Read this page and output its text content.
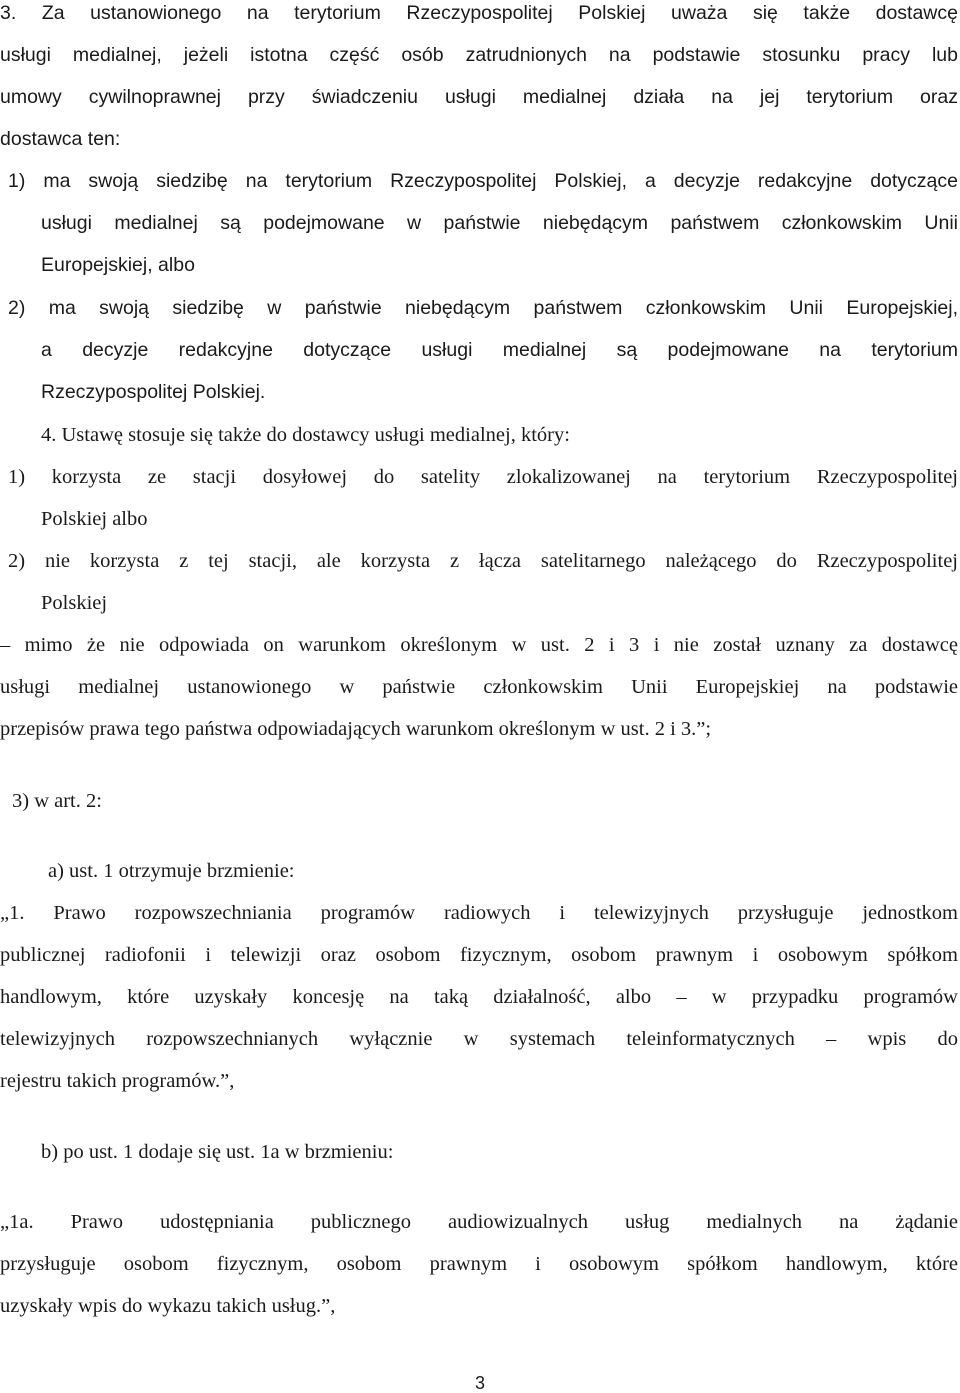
3. Za ustanowionego na terytorium Rzeczypospolitej Polskiej uważa się także dostawcę
usługi medialnej, jeżeli istotna część osób zatrudnionych na podstawie stosunku pracy lub
umowy cywilnoprawnej przy świadczeniu usługi medialnej działa na jej terytorium oraz
dostawca ten:
1) ma swoją siedzibę na terytorium Rzeczypospolitej Polskiej, a decyzje redakcyjne dotyczące
usługi medialnej są podejmowane w państwie niebędącym państwem członkowskim Unii
Europejskiej, albo
2) ma swoją siedzibę w państwie niebędącym państwem członkowskim Unii Europejskiej,
a decyzje redakcyjne dotyczące usługi medialnej są podejmowane na terytorium
Rzeczypospolitej Polskiej.
4. Ustawę stosuje się także do dostawcy usługi medialnej, który:
1) korzysta ze stacji dosyłowej do satelity zlokalizowanej na terytorium Rzeczypospolitej
Polskiej albo
2) nie korzysta z tej stacji, ale korzysta z łącza satelitarnego należącego do Rzeczypospolitej
Polskiej
– mimo że nie odpowiada on warunkom określonym w ust. 2 i 3 i nie został uznany za dostawcę
usługi medialnej ustanowionego w państwie członkowskim Unii Europejskiej na podstawie
przepisów prawa tego państwa odpowiadających warunkom określonym w ust. 2 i 3.”;
3) w art. 2:
a) ust. 1 otrzymuje brzmienie:
„1. Prawo rozpowszechniania programów radiowych i telewizyjnych przysługuje jednostkom
publicznej radiofonii i telewizji oraz osobom fizycznym, osobom prawnym i osobowym spółkom
handlowym, które uzyskały koncesję na taką działalność, albo – w przypadku programów
telewizyjnych rozpowszechnianych wyłącznie w systemach teleinformatycznych – wpis do
rejestru takich programów.”,
b) po ust. 1 dodaje się ust. 1a w brzmieniu:
„1a. Prawo udostępniania publicznego audiowizualnych usług medialnych na żądanie
przysługuje osobom fizycznym, osobom prawnym i osobowym spółkom handlowym, które
uzyskały wpis do wykazu takich usług.”,
3
